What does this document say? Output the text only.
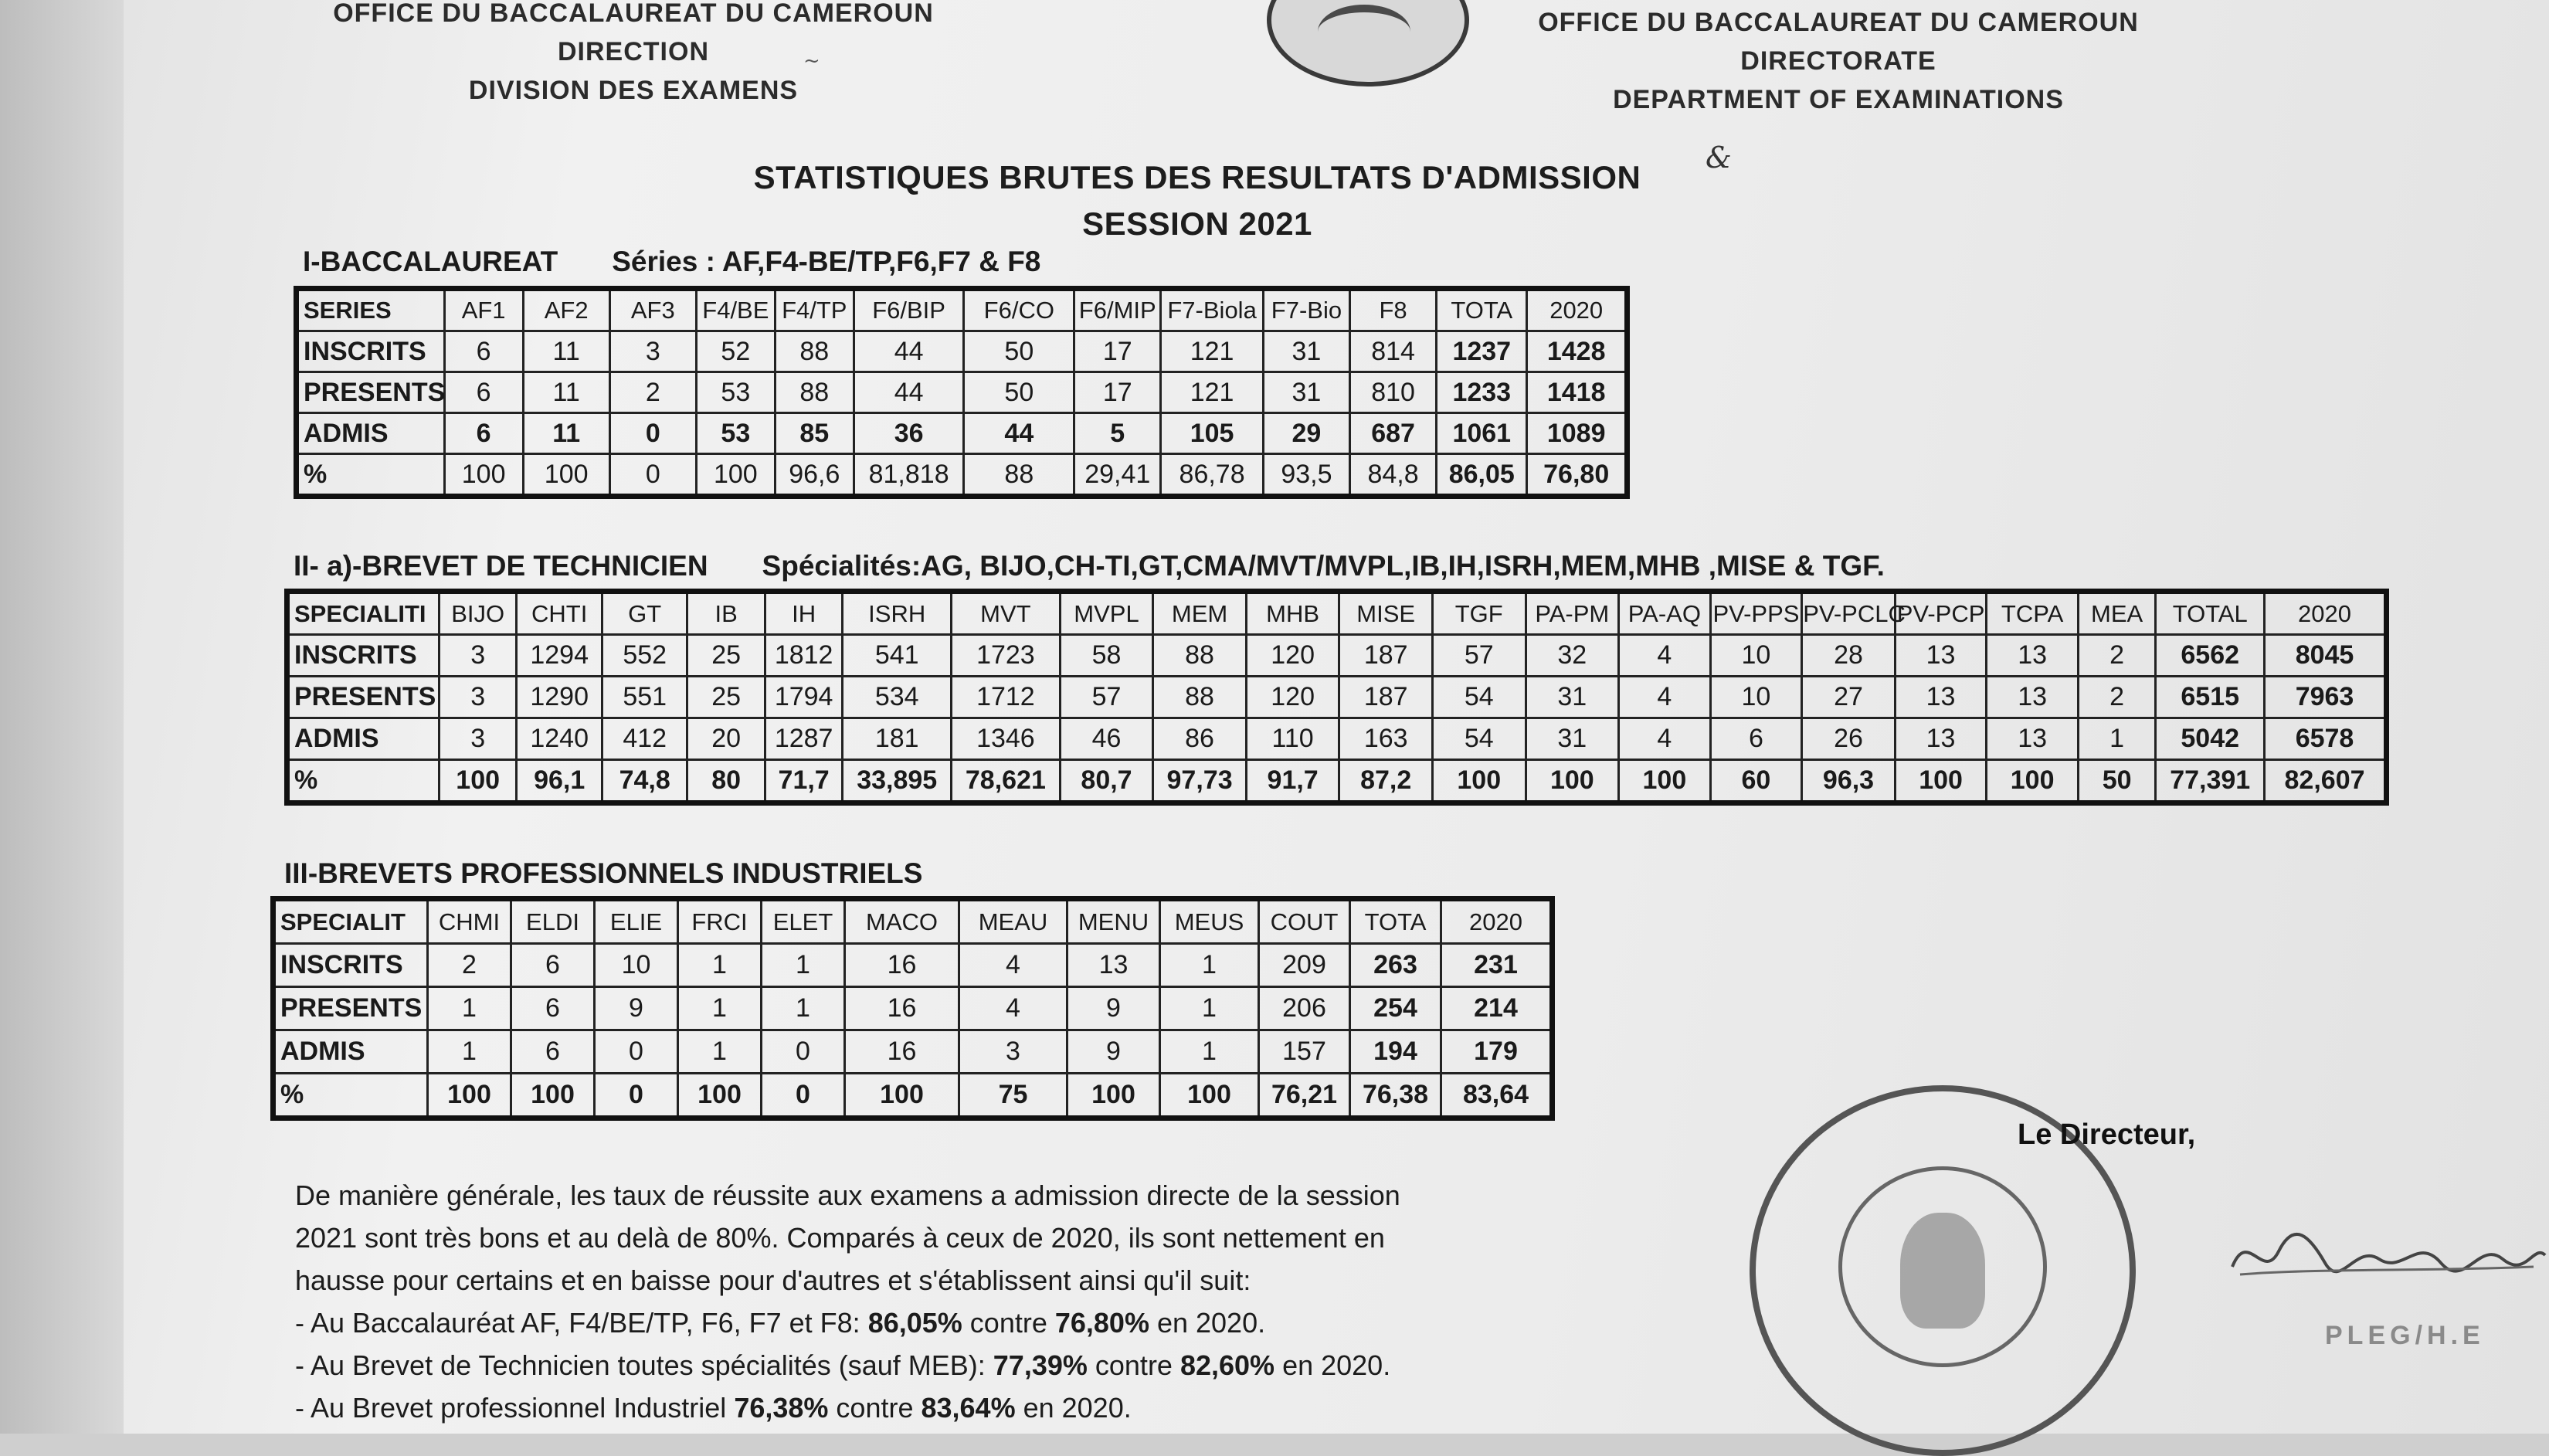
OFFICE DU BACCALAUREAT DU CAMEROUN
DIRECTION
DIVISION DES EXAMENS
~
OFFICE DU BACCALAUREAT DU CAMEROUN
DIRECTORATE
DEPARTMENT OF EXAMINATIONS
STATISTIQUES BRUTES DES RESULTATS D'ADMISSION
&
SESSION 2021
I-BACCALAUREAT Séries : AF,F4-BE/TP,F6,F7 & F8
SERIES	AF1	AF2	AF3	F4/BE	F4/TP	F6/BIP	F6/CO	F6/MIP	F7-Biola	F7-Bio	F8	TOTA	2020
INSCRITS	6	11	3	52	88	44	50	17	121	31	814	1237	1428
PRESENTS	6	11	2	53	88	44	50	17	121	31	810	1233	1418
ADMIS	6	11	0	53	85	36	44	5	105	29	687	1061	1089
%	100	100	0	100	96,6	81,818	88	29,41	86,78	93,5	84,8	86,05	76,80
II- a)-BREVET DE TECHNICIEN Spécialités:AG, BIJO,CH-TI,GT,CMA/MVT/MVPL,IB,IH,ISRH,MEM,MHB ,MISE & TGF.
SPECIALITI	BIJO	CHTI	GT	IB	IH	ISRH	MVT	MVPL	MEM	MHB	MISE	TGF	PA-PM	PA-AQ	PV-PPS	PV-PCLC	PV-PCP	TCPA	MEA	TOTAL	2020
INSCRITS	3	1294	552	25	1812	541	1723	58	88	120	187	57	32	4	10	28	13	13	2	6562	8045
PRESENTS	3	1290	551	25	1794	534	1712	57	88	120	187	54	31	4	10	27	13	13	2	6515	7963
ADMIS	3	1240	412	20	1287	181	1346	46	86	110	163	54	31	4	6	26	13	13	1	5042	6578
%	100	96,1	74,8	80	71,7	33,895	78,621	80,7	97,73	91,7	87,2	100	100	100	60	96,3	100	100	50	77,391	82,607
III-BREVETS PROFESSIONNELS INDUSTRIELS
SPECIALIT	CHMI	ELDI	ELIE	FRCI	ELET	MACO	MEAU	MENU	MEUS	COUT	TOTA	2020
INSCRITS	2	6	10	1	1	16	4	13	1	209	263	231
PRESENTS	1	6	9	1	1	16	4	9	1	206	254	214
ADMIS	1	6	0	1	0	16	3	9	1	157	194	179
%	100	100	0	100	0	100	75	100	100	76,21	76,38	83,64

De manière générale, les taux de réussite aux examens a admission directe de la session

2021 sont très bons et au delà de 80%. Comparés à ceux de 2020, ils sont nettement en

hausse pour certains et en baisse pour d'autres et s'établissent ainsi qu'il suit:

- Au Baccalauréat AF, F4/BE/TP, F6, F7 et F8: 86,05% contre 76,80% en 2020.

- Au Brevet de Technicien toutes spécialités (sauf MEB): 77,39% contre 82,60% en 2020.

- Au Brevet professionnel Industriel 76,38% contre 83,64% en 2020.

Le Directeur,
PLEG/H.E
